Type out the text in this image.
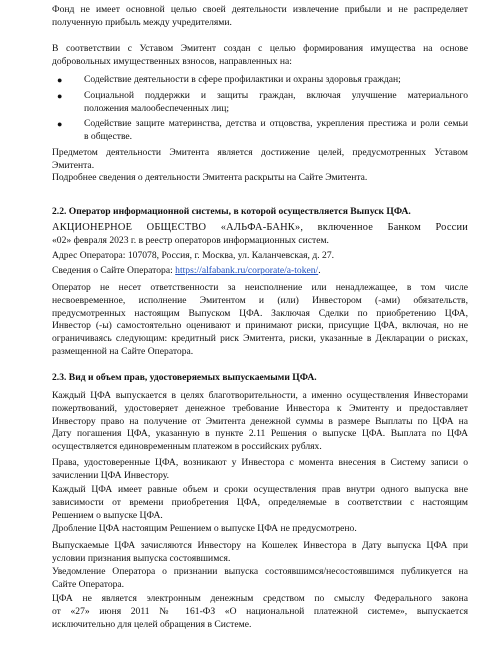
Фонд не имеет основной целью своей деятельности извлечение прибыли и не распределяет
полученную прибыль между учредителями.

В соответствии с Уставом Эмитент создан с целью формирования имущества на основе
добровольных имущественных взносов, направленных на:

● Содействие деятельности в сфере профилактики и охраны здоровья граждан;
● Социальной поддержки и защиты граждан, включая улучшение материального
положения малообеспеченных лиц;
● Содействие защите материнства, детства и отцовства, укрепления престижа и роли семьи
в обществе.

Предметом деятельности Эмитента является достижение целей, предусмотренных Уставом
Эмитента.

Подробнее сведения о деятельности Эмитента раскрыты на Сайте Эмитента.

2.2. Оператор информационной системы, в которой осуществляется Выпуск ЦФА.

АКЦИОНЕРНОЕ ОБЩЕСТВО «АЛЬФА-БАНК», включенное Банком России
«02» февраля 2023 г. в реестр операторов информационных систем.

Адрес Оператора: 107078, Россия, г. Москва, ул. Каланчевская, д. 27.

Сведения о Сайте Оператора: https://alfabank.ru/corporate/a-token/.

Оператор не несет ответственности за неисполнение или ненадлежащее, в том числе
несвоевременное, исполнение Эмитентом и (или) Инвестором (-ами) обязательств,
предусмотренных настоящим Выпуском ЦФА. Заключая Сделки по приобретению ЦФА,
Инвестор (-ы) самостоятельно оценивают и принимают риски, присущие ЦФА, включая, но не
ограничиваясь следующим: кредитный риск Эмитента, риски, указанные в Декларации о рисках,
размещенной на Сайте Оператора.

2.3. Вид и объем прав, удостоверяемых выпускаемыми ЦФА.

Каждый ЦФА выпускается в целях благотворительности, а именно осуществления Инвесторами
пожертвований, удостоверяет денежное требование Инвестора к Эмитенту и предоставляет
Инвестору право на получение от Эмитента денежной суммы в размере Выплаты по ЦФА на
Дату погашения ЦФА, указанную в пункте 2.11 Решения о выпуске ЦФА. Выплата по ЦФА
осуществляется единовременным платежом в российских рублях.

Права, удостоверенные ЦФА, возникают у Инвестора с момента внесения в Систему записи о
зачислении ЦФА Инвестору.

Каждый ЦФА имеет равные объем и сроки осуществления прав внутри одного выпуска вне
зависимости от времени приобретения ЦФА, определяемые в соответствии с настоящим
Решением о выпуске ЦФА.

Дробление ЦФА настоящим Решением о выпуске ЦФА не предусмотрено.

Выпускаемые ЦФА зачисляются Инвестору на Кошелек Инвестора в Дату выпуска ЦФА при
условии признания выпуска состоявшимся.

Уведомление Оператора о признании выпуска состоявшимся/несостоявшимся публикуется на
Сайте Оператора.

ЦФА не является электронным денежным средством по смыслу Федерального закона
от «27» июня 2011 № 161-ФЗ «О национальной платежной системе», выпускается
исключительно для целей обращения в Системе.
